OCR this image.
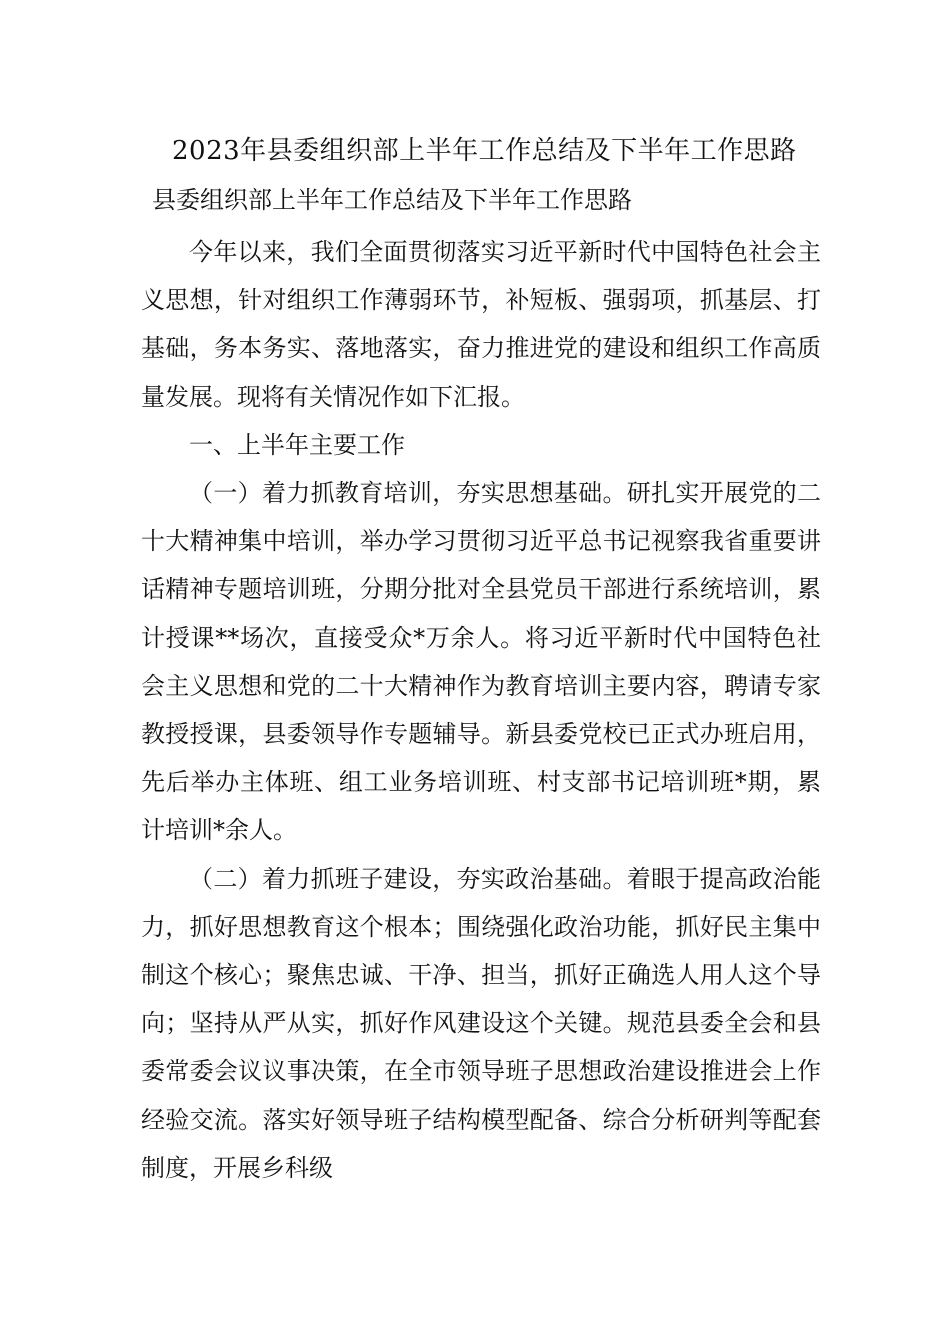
2023年县委组织部上半年工作总结及下半年工作思路
县委组织部上半年工作总结及下半年工作思路

今年以来，我们全面贯彻落实习近平新时代中国特色社会主义思想，针对组织工作薄弱环节，补短板、强弱项，抓基层、打基础，务本务实、落地落实，奋力推进党的建设和组织工作高质量发展。现将有关情况作如下汇报。

一、上半年主要工作

（一）着力抓教育培训，夯实思想基础。研扎实开展党的二十大精神集中培训，举办学习贯彻习近平总书记视察我省重要讲话精神专题培训班，分期分批对全县党员干部进行系统培训，累计授课**场次，直接受众*万余人。将习近平新时代中国特色社会主义思想和党的二十大精神作为教育培训主要内容，聘请专家教授授课，县委领导作专题辅导。新县委党校已正式办班启用，先后举办主体班、组工业务培训班、村支部书记培训班*期，累计培训*余人。

（二）着力抓班子建设，夯实政治基础。着眼于提高政治能力，抓好思想教育这个根本；围绕强化政治功能，抓好民主集中制这个核心；聚焦忠诚、干净、担当，抓好正确选人用人这个导向；坚持从严从实，抓好作风建设这个关键。规范县委全会和县委常委会议议事决策，在全市领导班子思想政治建设推进会上作经验交流。落实好领导班子结构模型配备、综合分析研判等配套制度，开展乡科级
